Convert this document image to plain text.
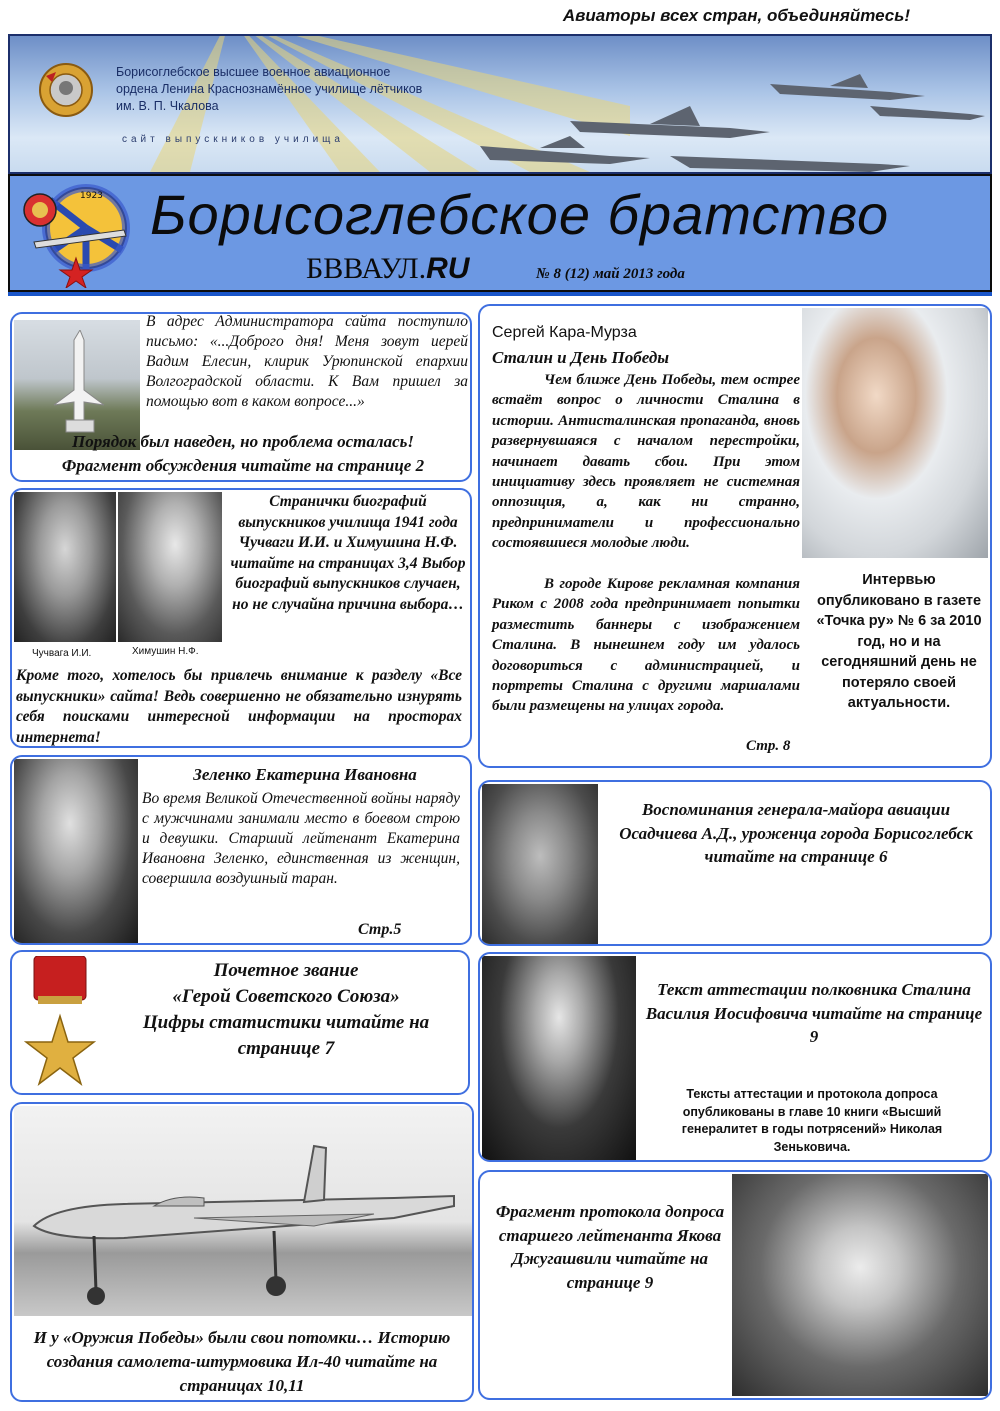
Авиаторы всех стран, объединяйтесь!
Борисоглебское высшее военное авиационное
ордена Ленина Краснознамённое училище лётчиков
им. В. П. Чкалова
сайт выпускников училища
1923 Борисоглебское братство
БВВАУЛ.RU	№ 8 (12) май 2013 года
В адрес Администратора сайта поступило письмо: «...Доброго дня! Меня зовут иерей Вадим Елесин, клирик Урюпинской епархии Волгоградской области. К Вам пришел за помощью вот в каком вопросе...»
Порядок был наведен, но проблема осталась!
Фрагмент обсуждения читайте на странице 2
Чучвага И.И.	Химушин Н.Ф.
Странички биографий выпускников училища 1941 года Чучваги И.И. и Химушина Н.Ф. читайте на страницах 3,4 Выбор биографий выпускников случаен, но не случайна причина выбора…
Кроме того, хотелось бы привлечь внимание к разделу «Все выпускники» сайта! Ведь совершенно не обязательно изнурять себя поисками интересной информации на просторах интернета!
Зеленко Екатерина Ивановна
Во время Великой Отечественной войны наряду с мужчинами занимали место в боевом строю и девушки. Старший лейтенант Екатерина Ивановна Зеленко, единственная из женщин, совершила воздушный таран.
Стр.5
Почетное звание
«Герой Советского Союза»
Цифры статистики читайте на странице 7
И у «Оружия Победы» были свои потомки… Историю создания самолета-штурмовика Ил-40 читайте на страницах 10,11
Сергей Кара-Мурза
Сталин и День Победы

Чем ближе День Победы, тем острее встаёт вопрос о личности Сталина в истории. Антисталинская пропаганда, вновь развернувшаяся с началом перестройки, начинает давать сбои. При этом инициативу здесь проявляет не системная оппозиция, а, как ни странно, предприниматели и профессионально состоявшиеся молодые люди.

В городе Кирове рекламная компания Риком с 2008 года предпринимает попытки разместить баннеры с изображением Сталина. В нынешнем году им удалось договориться с администрацией, и портреты Сталина с другими маршалами были размещены на улицах города.

Стр. 8
Интервью опубликовано в газете «Точка ру» № 6 за 2010 год, но и на сегодняшний день не потеряло своей актуальности.
Воспоминания генерала-майора авиации Осадчиева А.Д., уроженца города Борисоглебск читайте на странице 6
Текст аттестации полковника Сталина Василия Иосифовича читайте на странице 9
Тексты аттестации и протокола допроса опубликованы в главе 10 книги «Высший генералитет в годы потрясений» Николая Зеньковича.
Фрагмент протокола допроса старшего лейтенанта Якова Джугашвили читайте на странице 9
